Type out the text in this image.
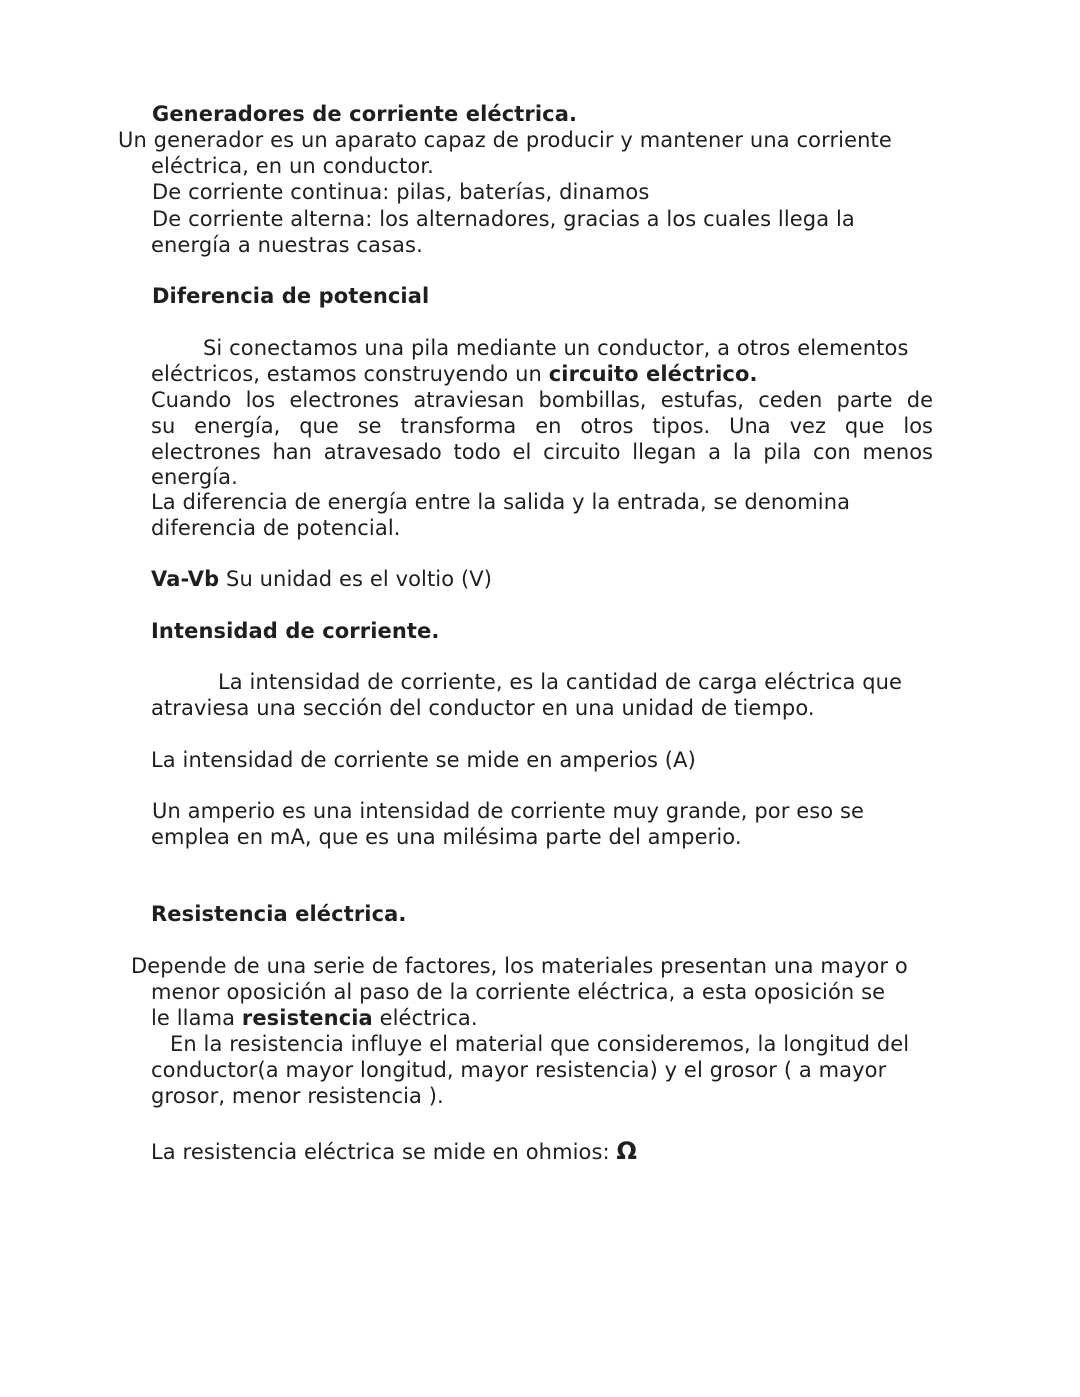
Generadores de corriente eléctrica.
Un generador es un aparato capaz de producir y mantener una corriente
eléctrica, en un conductor.
De corriente continua: pilas, baterías, dinamos
De corriente alterna: los alternadores, gracias a los cuales llega la
energía a nuestras casas.
Diferencia de potencial
Si conectamos una pila mediante un conductor, a otros elementos
eléctricos, estamos construyendo un circuito eléctrico.
Cuando los electrones atraviesan bombillas, estufas, ceden parte de
su energía, que se transforma en otros tipos. Una vez que los
electrones han atravesado todo el circuito llegan a la pila con menos
energía.
La diferencia de energía entre la salida y la entrada, se denomina
diferencia de potencial.
Va-Vb Su unidad es el voltio (V)
Intensidad de corriente.
La intensidad de corriente, es la cantidad de carga eléctrica que
atraviesa una sección del conductor en una unidad de tiempo.
La intensidad de corriente se mide en amperios (A)
Un amperio es una intensidad de corriente muy grande, por eso se
emplea en mA, que es una milésima parte del amperio.
Resistencia eléctrica.
Depende de una serie de factores, los materiales presentan una mayor o
menor oposición al paso de la corriente eléctrica, a esta oposición se
le llama resistencia eléctrica.
En la resistencia influye el material que consideremos, la longitud del
conductor(a mayor longitud, mayor resistencia) y el grosor ( a mayor
grosor, menor resistencia ).
La resistencia eléctrica se mide en ohmios: Ω
